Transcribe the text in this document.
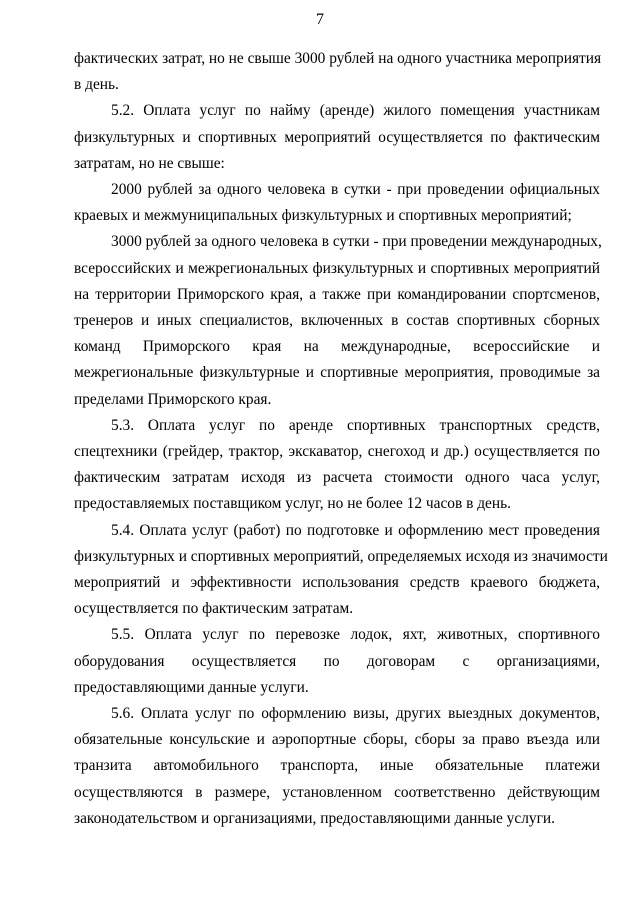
7
фактических затрат, но не свыше 3000 рублей на одного участника мероприятия
в день.
5.2. Оплата услуг по найму (аренде) жилого помещения участникам
физкультурных и спортивных мероприятий осуществляется по фактическим
затратам, но не свыше:
2000 рублей за одного человека в сутки - при проведении официальных
краевых и межмуниципальных физкультурных и спортивных мероприятий;
3000 рублей за одного человека в сутки - при проведении международных,
всероссийских и межрегиональных физкультурных и спортивных мероприятий
на территории Приморского края, а также при командировании спортсменов,
тренеров и иных специалистов, включенных в состав спортивных сборных
команд Приморского края на международные, всероссийские и
межрегиональные физкультурные и спортивные мероприятия, проводимые за
пределами Приморского края.
5.3. Оплата услуг по аренде спортивных транспортных средств,
спецтехники (грейдер, трактор, экскаватор, снегоход и др.) осуществляется по
фактическим затратам исходя из расчета стоимости одного часа услуг,
предоставляемых поставщиком услуг, но не более 12 часов в день.
5.4. Оплата услуг (работ) по подготовке и оформлению мест проведения
физкультурных и спортивных мероприятий, определяемых исходя из значимости
мероприятий и эффективности использования средств краевого бюджета,
осуществляется по фактическим затратам.
5.5. Оплата услуг по перевозке лодок, яхт, животных, спортивного
оборудования осуществляется по договорам с организациями,
предоставляющими данные услуги.
5.6. Оплата услуг по оформлению визы, других выездных документов,
обязательные консульские и аэропортные сборы, сборы за право въезда или
транзита автомобильного транспорта, иные обязательные платежи
осуществляются в размере, установленном соответственно действующим
законодательством и организациями, предоставляющими данные услуги.
